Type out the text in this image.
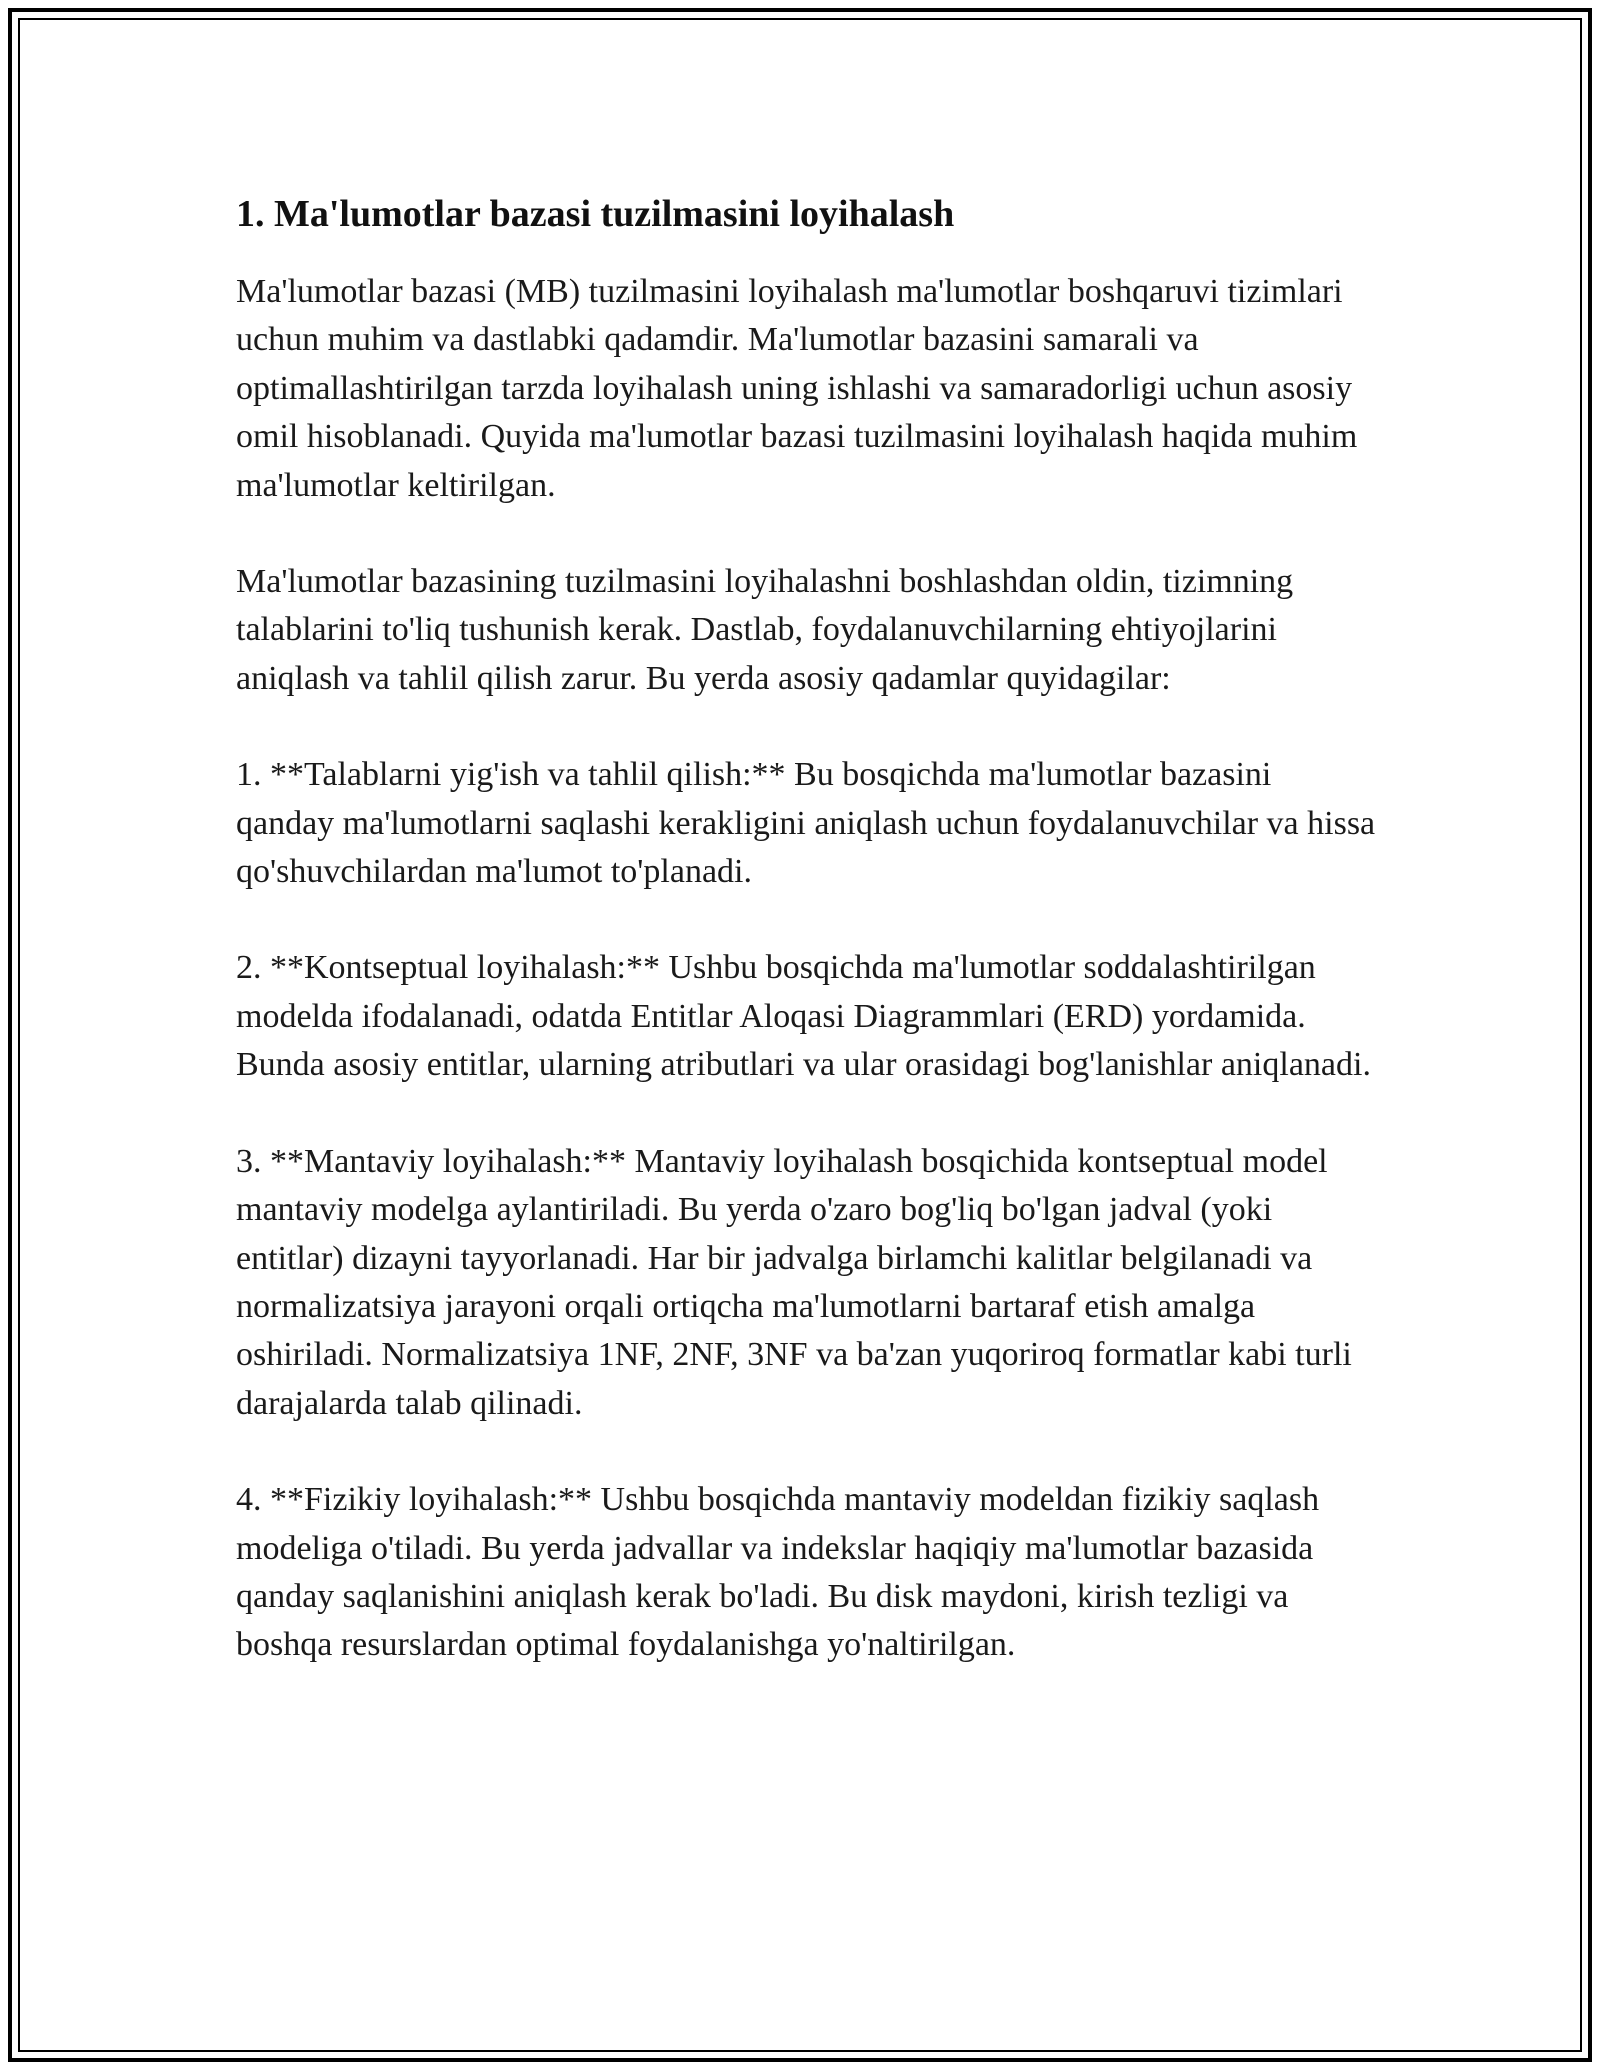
1. Ma'lumotlar bazasi tuzilmasini loyihalash

Ma'lumotlar bazasi (MB) tuzilmasini loyihalash ma'lumotlar boshqaruvi tizimlari uchun muhim va dastlabki qadamdir. Ma'lumotlar bazasini samarali va optimallashtirilgan tarzda loyihalash uning ishlashi va samaradorligi uchun asosiy omil hisoblanadi. Quyida ma'lumotlar bazasi tuzilmasini loyihalash haqida muhim ma'lumotlar keltirilgan.

Ma'lumotlar bazasining tuzilmasini loyihalashni boshlashdan oldin, tizimning talablarini to'liq tushunish kerak. Dastlab, foydalanuvchilarning ehtiyojlarini aniqlash va tahlil qilish zarur. Bu yerda asosiy qadamlar quyidagilar:

1. **Talablarni yig'ish va tahlil qilish:** Bu bosqichda ma'lumotlar bazasini qanday ma'lumotlarni saqlashi kerakligini aniqlash uchun foydalanuvchilar va hissa qo'shuvchilardan ma'lumot to'planadi.

2. **Kontseptual loyihalash:** Ushbu bosqichda ma'lumotlar soddalashtirilgan modelda ifodalanadi, odatda Entitlar Aloqasi Diagrammlari (ERD) yordamida. Bunda asosiy entitlar, ularning atributlari va ular orasidagi bog'lanishlar aniqlanadi.

3. **Mantaviy loyihalash:** Mantaviy loyihalash bosqichida kontseptual model mantaviy modelga aylantiriladi. Bu yerda o'zaro bog'liq bo'lgan jadval (yoki entitlar) dizayni tayyorlanadi. Har bir jadvalga birlamchi kalitlar belgilanadi va normalizatsiya jarayoni orqali ortiqcha ma'lumotlarni bartaraf etish amalga oshiriladi. Normalizatsiya 1NF, 2NF, 3NF va ba'zan yuqoriroq formatlar kabi turli darajalarda talab qilinadi.

4. **Fizikiy loyihalash:** Ushbu bosqichda mantaviy modeldan fizikiy saqlash modeliga o'tiladi. Bu yerda jadvallar va indekslar haqiqiy ma'lumotlar bazasida qanday saqlanishini aniqlash kerak bo'ladi. Bu disk maydoni, kirish tezligi va boshqa resurslardan optimal foydalanishga yo'naltirilgan.
